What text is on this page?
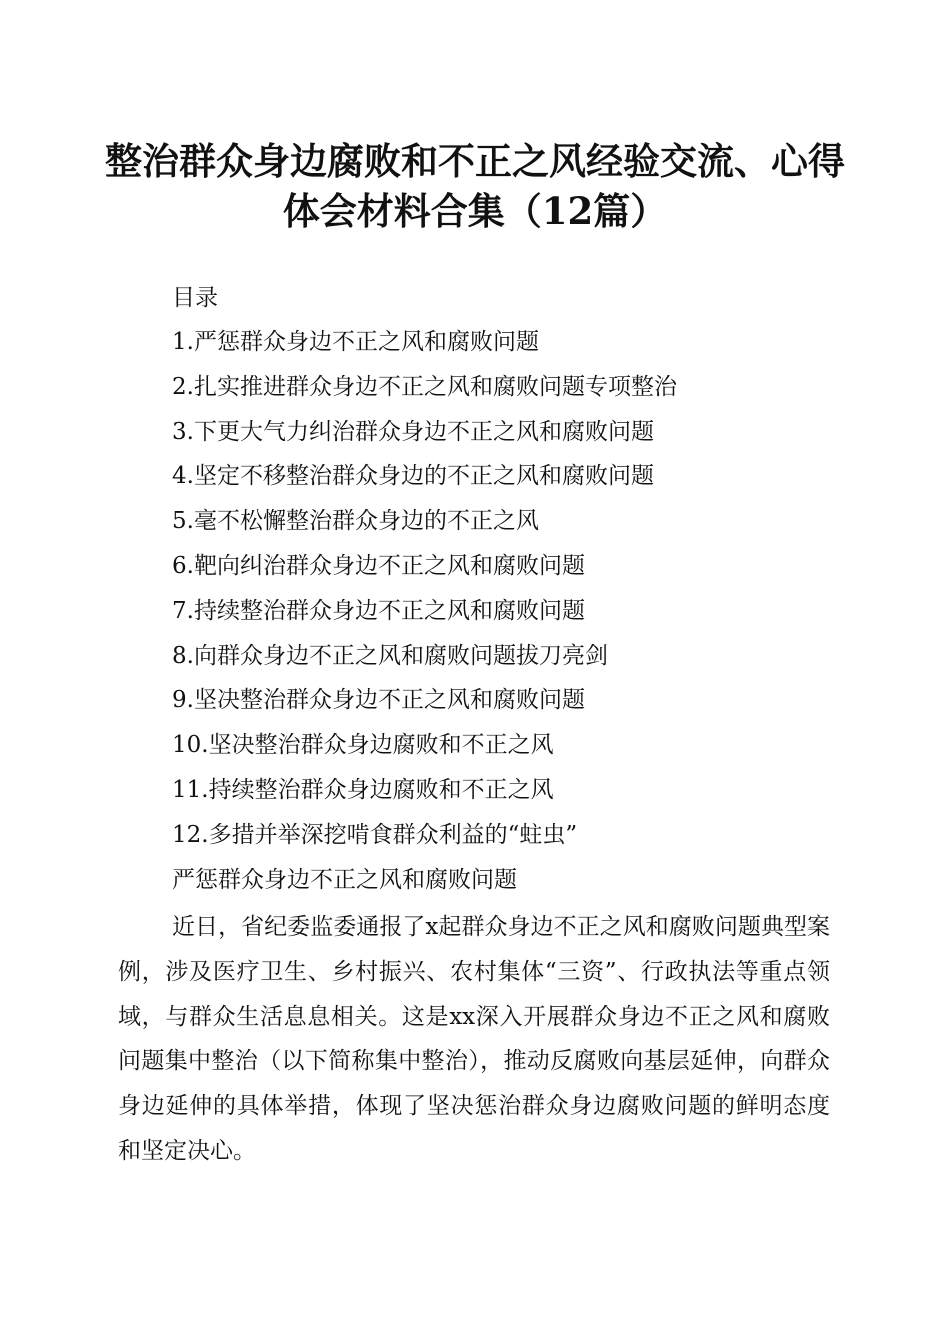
整治群众身边腐败和不正之风经验交流、心得
体会材料合集（12篇）
目录
1.严惩群众身边不正之风和腐败问题
2.扎实推进群众身边不正之风和腐败问题专项整治
3.下更大气力纠治群众身边不正之风和腐败问题
4.坚定不移整治群众身边的不正之风和腐败问题
5.毫不松懈整治群众身边的不正之风
6.靶向纠治群众身边不正之风和腐败问题
7.持续整治群众身边不正之风和腐败问题
8.向群众身边不正之风和腐败问题拔刀亮剑
9.坚决整治群众身边不正之风和腐败问题
10.坚决整治群众身边腐败和不正之风
11.持续整治群众身边腐败和不正之风
12.多措并举深挖啃食群众利益的“蛀虫”
严惩群众身边不正之风和腐败问题

近日，省纪委监委通报了x起群众身边不正之风和腐败问题典型案例，涉及医疗卫生、乡村振兴、农村集体“三资”、行政执法等重点领域，与群众生活息息相关。这是xx深入开展群众身边不正之风和腐败问题集中整治（以下简称集中整治），推动反腐败向基层延伸，向群众身边延伸的具体举措，体现了坚决惩治群众身边腐败问题的鲜明态度和坚定决心。
